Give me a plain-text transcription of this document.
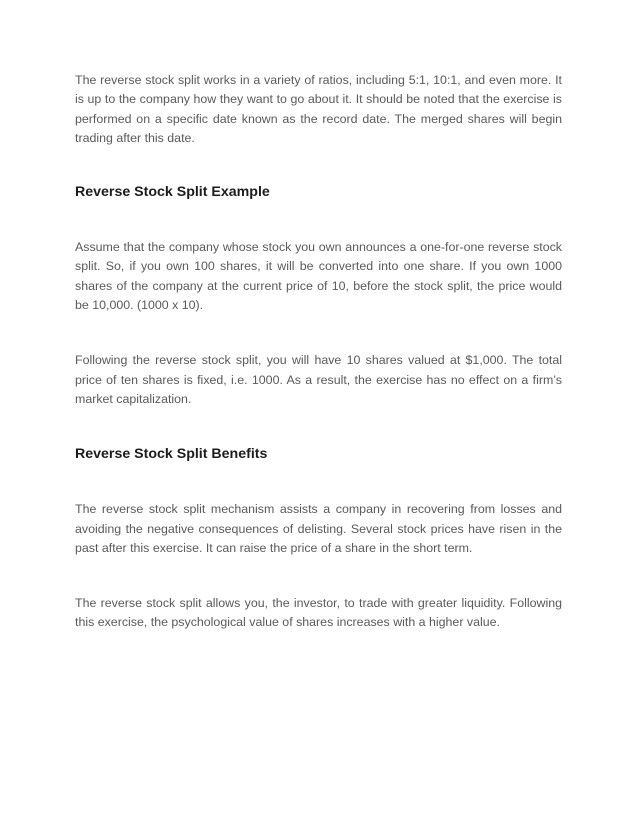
The reverse stock split works in a variety of ratios, including 5:1, 10:1, and even more. It is up to the company how they want to go about it. It should be noted that the exercise is performed on a specific date known as the record date. The merged shares will begin trading after this date.

Reverse Stock Split Example

Assume that the company whose stock you own announces a one-for-one reverse stock split. So, if you own 100 shares, it will be converted into one share. If you own 1000 shares of the company at the current price of 10, before the stock split, the price would be 10,000. (1000 x 10).

Following the reverse stock split, you will have 10 shares valued at $1,000. The total price of ten shares is fixed, i.e. 1000. As a result, the exercise has no effect on a firm’s market capitalization.

Reverse Stock Split Benefits

The reverse stock split mechanism assists a company in recovering from losses and avoiding the negative consequences of delisting. Several stock prices have risen in the past after this exercise. It can raise the price of a share in the short term.

The reverse stock split allows you, the investor, to trade with greater liquidity. Following this exercise, the psychological value of shares increases with a higher value.
